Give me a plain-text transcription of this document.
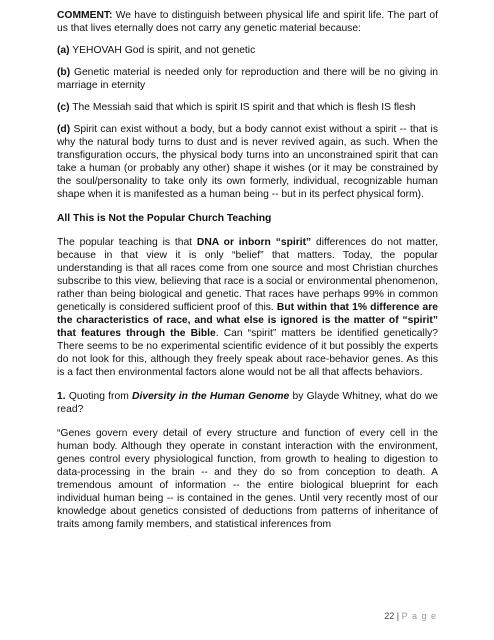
COMMENT: We have to distinguish between physical life and spirit life. The part of us that lives eternally does not carry any genetic material because:

(a) YEHOVAH God is spirit, and not genetic

(b) Genetic material is needed only for reproduction and there will be no giving in marriage in eternity

(c) The Messiah said that which is spirit IS spirit and that which is flesh IS flesh

(d) Spirit can exist without a body, but a body cannot exist without a spirit -- that is why the natural body turns to dust and is never revived again, as such. When the transfiguration occurs, the physical body turns into an unconstrained spirit that can take a human (or probably any other) shape it wishes (or it may be constrained by the soul/personality to take only its own formerly, individual, recognizable human shape when it is manifested as a human being -- but in its perfect physical form).

All This is Not the Popular Church Teaching

The popular teaching is that DNA or inborn “spirit” differences do not matter, because in that view it is only “belief” that matters. Today, the popular understanding is that all races come from one source and most Christian churches subscribe to this view, believing that race is a social or environmental phenomenon, rather than being biological and genetic. That races have perhaps 99% in common genetically is considered sufficient proof of this. But within that 1% difference are the characteristics of race, and what else is ignored is the matter of “spirit” that features through the Bible. Can “spirit” matters be identified genetically? There seems to be no experimental scientific evidence of it but possibly the experts do not look for this, although they freely speak about race-behavior genes. As this is a fact then environmental factors alone would not be all that affects behaviors.

1. Quoting from Diversity in the Human Genome by Glayde Whitney, what do we read?

“Genes govern every detail of every structure and function of every cell in the human body. Although they operate in constant interaction with the environment, genes control every physiological function, from growth to healing to digestion to data-processing in the brain -- and they do so from conception to death. A tremendous amount of information -- the entire biological blueprint for each individual human being -- is contained in the genes. Until very recently most of our knowledge about genetics consisted of deductions from patterns of inheritance of traits among family members, and statistical inferences from

22 | P a g e
